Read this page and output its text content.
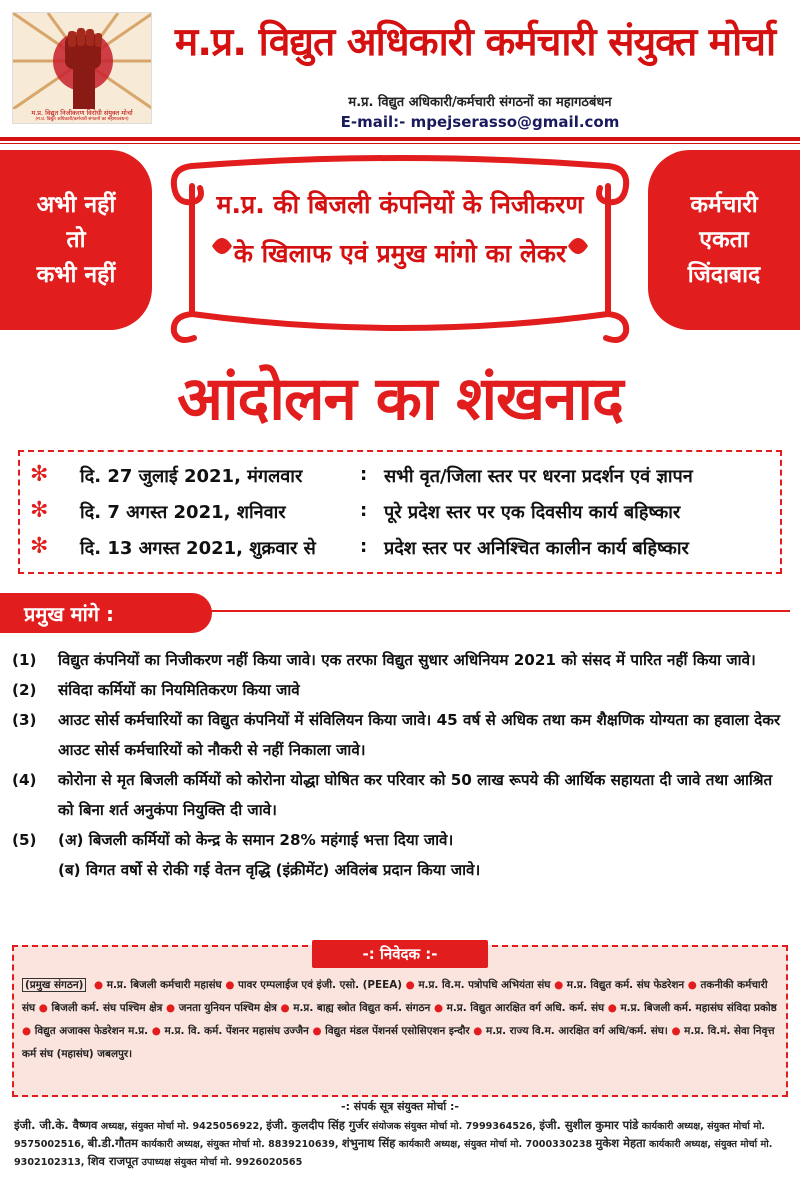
म.प्र. विद्युत निजीकरण विरोधी संयुक्त मोर्चा
(म.प्र. विद्युत अधिकारी/कर्मचारी संगठनों का महागठबंधन)
म.प्र. विद्युत अधिकारी कर्मचारी संयुक्त मोर्चा
म.प्र. विद्युत अधिकारी/कर्मचारी संगठनों का महागठबंधन
E-mail:- mpejserasso@gmail.com
अभी नहीं
तो
कभी नहीं
कर्मचारी
एकता
जिंदाबाद
म.प्र. की बिजली कंपनियों के निजीकरण
के खिलाफ एवं प्रमुख मांगो का लेकर
आंदोलन का शंखनाद
✻ दि. 27 जुलाई 2021, मंगलवार	: सभी वृत/जिला स्तर पर धरना प्रदर्शन एवं ज्ञापन
✻ दि. 7 अगस्त 2021, शनिवार	: पूरे प्रदेश स्तर पर एक दिवसीय कार्य बहिष्कार
✻ दि. 13 अगस्त 2021, शुक्रवार से : प्रदेश स्तर पर अनिश्चित कालीन कार्य बहिष्कार
प्रमुख मांगे :
(1) विद्युत कंपनियों का निजीकरण नहीं किया जावे। एक तरफा विद्युत सुधार अधिनियम 2021 को संसद में पारित नहीं किया जावे।
(2) संविदा कर्मियों का नियमितिकरण किया जावे
(3) आउट सोर्स कर्मचारियों का विद्युत कंपनियों में संविलियन किया जावे। 45 वर्ष से अधिक तथा कम शैक्षणिक योग्यता का हवाला देकर आउट सोर्स कर्मचारियों को नौकरी से नहीं निकाला जावे।
(4) कोरोना से मृत बिजली कर्मियों को कोरोना योद्धा घोषित कर परिवार को 50 लाख रूपये की आर्थिक सहायता दी जावे तथा आश्रित को बिना शर्त अनुकंपा नियुक्ति दी जावे।
(5) (अ) बिजली कर्मियों को केन्द्र के समान 28% महंगाई भत्ता दिया जावे।
(ब) विगत वर्षो से रोकी गई वेतन वृद्धि (इंक्रीमेंट) अविलंब प्रदान किया जावे।
-: निवेदक :-
(प्रमुख संगठन) ● म.प्र. बिजली कर्मचारी महासंघ ● पावर एम्पलाईज एवं इंजी. एसो. (PEEA) ● म.प्र. वि.म. पत्रोपधि अभियंता संघ ● म.प्र. विद्युत कर्म. संघ फेडरेशन ● तकनीकी कर्मचारी संघ ● बिजली कर्म. संघ पश्चिम क्षेत्र ● जनता युनियन पश्चिम क्षेत्र ● म.प्र. बाह्य स्त्रोत विद्युत कर्म. संगठन ● म.प्र. विद्युत आरक्षित वर्ग अधि. कर्म. संघ ● म.प्र. बिजली कर्म. महासंघ संविदा प्रकोष्ठ ● विद्युत अजाक्स फेडरेशन म.प्र. ● म.प्र. वि. कर्म. पेंशनर महासंघ उज्जैन ● विद्युत मंडल पेंशनर्स एसोसिएशन इन्दौर ● म.प्र. राज्य वि.म. आरक्षित वर्ग अधि/कर्म. संघ। ● म.प्र. वि.मं. सेवा निवृत्त कर्म संघ (महासंघ) जबलपुर।
-: संपर्क सूत्र संयुक्त मोर्चा :-
इंजी. जी.के. वैष्णव अध्यक्ष, संयुक्त मोर्चा मो. 9425056922, इंजी. कुलदीप सिंह गुर्जर संयोजक संयुक्त मोर्चा मो. 7999364526, इंजी. सुशील कुमार पांडे कार्यकारी अध्यक्ष, संयुक्त मोर्चा मो. 9575002516, बी.डी.गौतम कार्यकारी अध्यक्ष, संयुक्त मोर्चा मो. 8839210639, शंभुनाथ सिंह कार्यकारी अध्यक्ष, संयुक्त मोर्चा मो. 7000330238 मुकेश मेहता कार्यकारी अध्यक्ष, संयुक्त मोर्चा मो. 9302102313, शिव राजपूत उपाध्यक्ष संयुक्त मोर्चा मो. 9926020565
